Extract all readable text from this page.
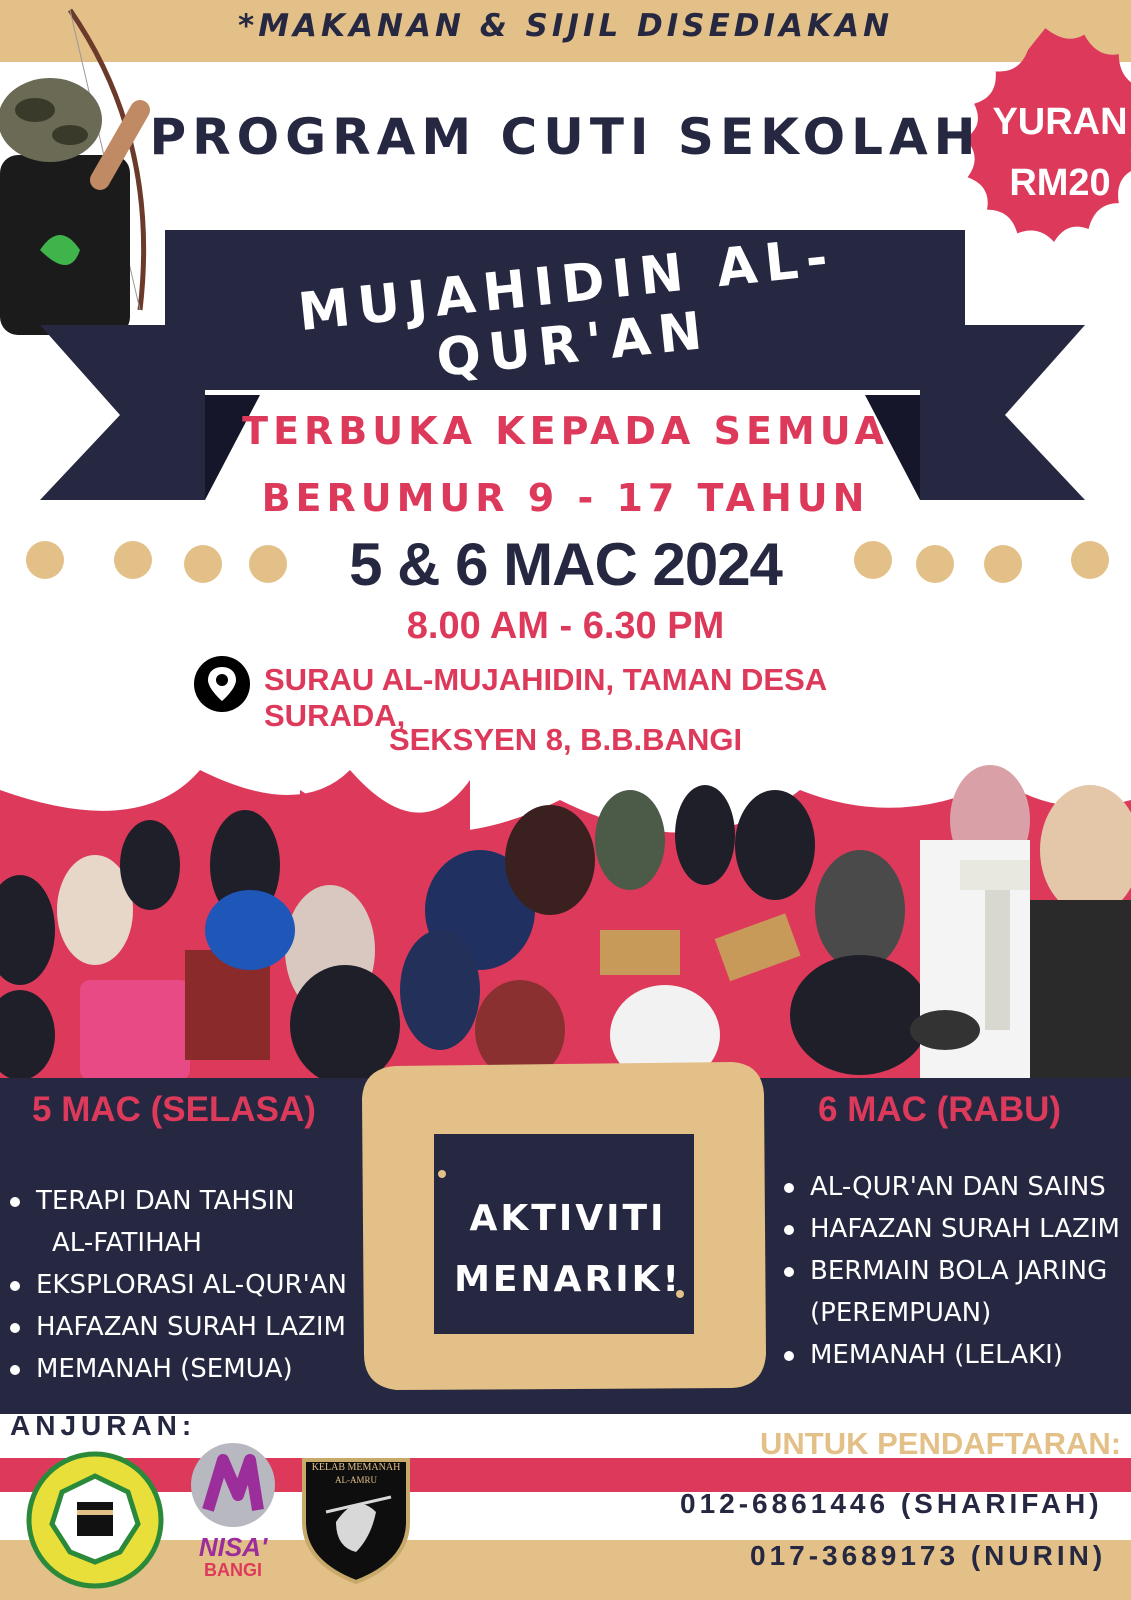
*MAKANAN & SIJIL DISEDIAKAN
YURAN
RM20
PROGRAM CUTI SEKOLAH
MUJAHIDIN AL-QUR'AN
TERBUKA KEPADA SEMUA
BERUMUR 9 - 17 TAHUN
5 & 6 MAC 2024
8.00 AM - 6.30 PM
SURAU AL-MUJAHIDIN, TAMAN DESA SURADA,
SEKSYEN 8, B.B.BANGI
5 MAC (SELASA)
TERAPI DAN TAHSIN
AL-FATIHAH
EKSPLORASI AL-QUR'AN
HAFAZAN SURAH LAZIM
MEMANAH (SEMUA)
6 MAC (RABU)
AL-QUR'AN DAN SAINS
HAFAZAN SURAH LAZIM
BERMAIN BOLA JARING
(PEREMPUAN)
MEMANAH (LELAKI)
AKTIVITI
MENARIK!
ANJURAN:
NISA'
BANGI
KELAB MEMANAH
AL-AMRU
UNTUK PENDAFTARAN:
012-6861446 (SHARIFAH)
017-3689173 (NURIN)
